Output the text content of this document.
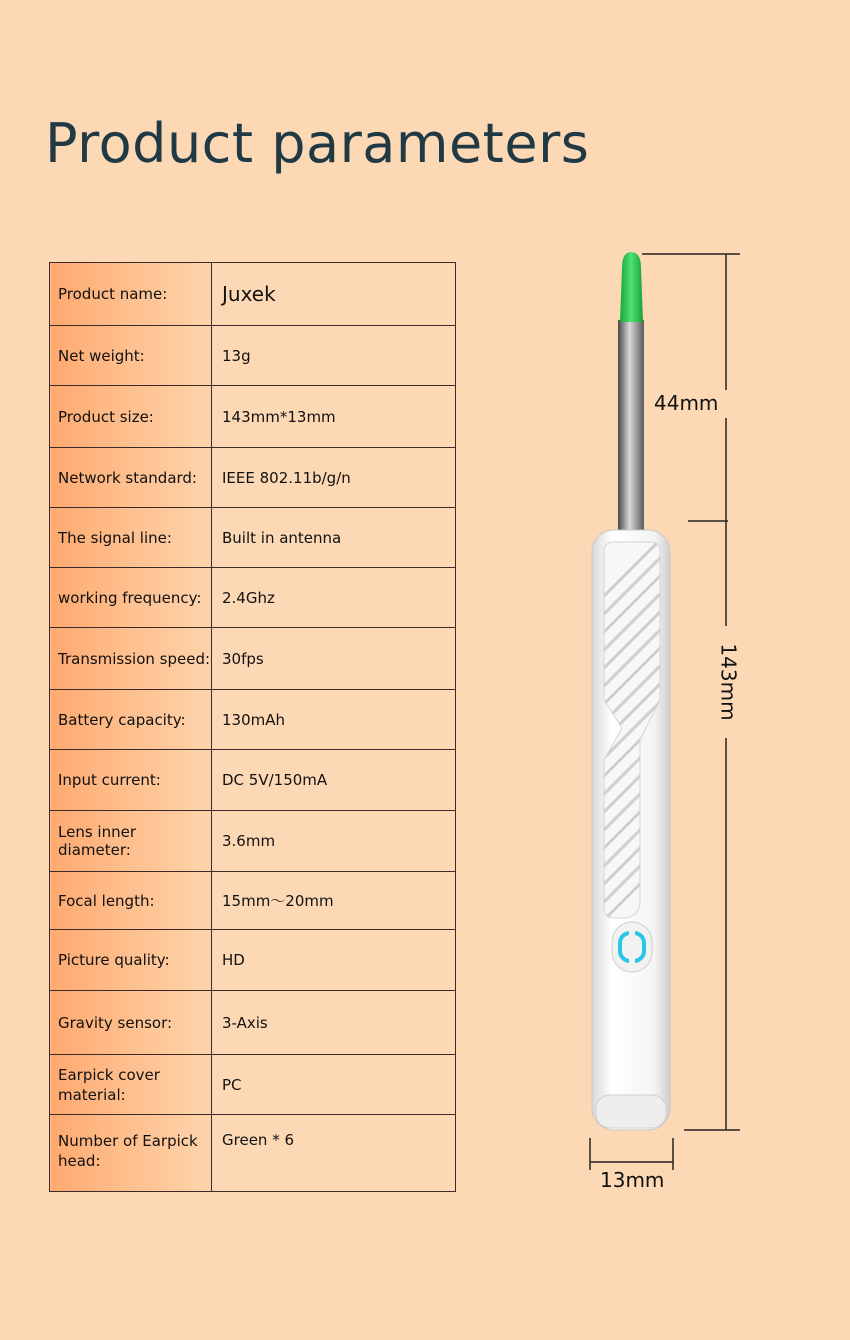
Product parameters
Product name:	Juxek
Net weight:	13g
Product size:	143mm*13mm
Network standard:	IEEE 802.11b/g/n
The signal line:	Built in antenna
working frequency:	2.4Ghz
Transmission speed:	30fps
Battery capacity:	130mAh
Input current:	DC 5V/150mA
Lens inner diameter:	3.6mm
Focal length:	15mm～20mm
Picture quality:	HD
Gravity sensor:	3-Axis

Earpick cover
material:	PC

Number of Earpick
head:	Green * 6
44mm
143mm
13mm
